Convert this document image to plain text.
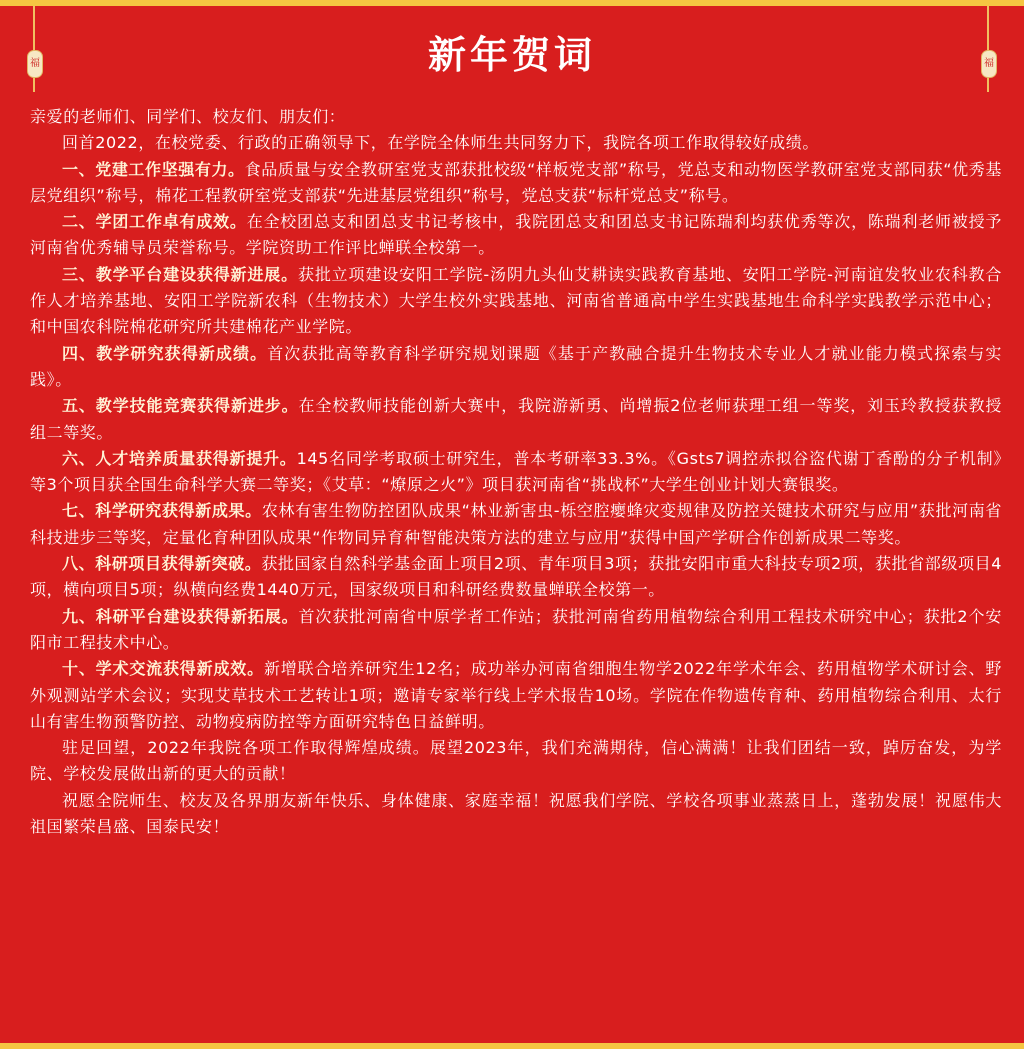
福	福
新年贺词

亲爱的老师们、同学们、校友们、朋友们：

回首2022，在校党委、行政的正确领导下，在学院全体师生共同努力下，我院各项工作取得较好成绩。

一、党建工作坚强有力。食品质量与安全教研室党支部获批校级“样板党支部”称号，党总支和动物医学教研室党支部同获“优秀基层党组织”称号，棉花工程教研室党支部获“先进基层党组织”称号，党总支获“标杆党总支”称号。

二、学团工作卓有成效。在全校团总支和团总支书记考核中，我院团总支和团总支书记陈瑞利均获优秀等次，陈瑞利老师被授予河南省优秀辅导员荣誉称号。学院资助工作评比蝉联全校第一。

三、教学平台建设获得新进展。获批立项建设安阳工学院-汤阴九头仙艾耕读实践教育基地、安阳工学院-河南谊发牧业农科教合作人才培养基地、安阳工学院新农科（生物技术）大学生校外实践基地、河南省普通高中学生实践基地生命科学实践教学示范中心；和中国农科院棉花研究所共建棉花产业学院。

四、教学研究获得新成绩。首次获批高等教育科学研究规划课题《基于产教融合提升生物技术专业人才就业能力模式探索与实践》。

五、教学技能竞赛获得新进步。在全校教师技能创新大赛中，我院游新勇、尚增振2位老师获理工组一等奖，刘玉玲教授获教授组二等奖。

六、人才培养质量获得新提升。145名同学考取硕士研究生，普本考研率33.3%。《Gsts7调控赤拟谷盗代谢丁香酚的分子机制》等3个项目获全国生命科学大赛二等奖；《艾草：“燎原之火”》项目获河南省“挑战杯”大学生创业计划大赛银奖。

七、科学研究获得新成果。农林有害生物防控团队成果“林业新害虫-栎空腔瘿蜂灾变规律及防控关键技术研究与应用”获批河南省科技进步三等奖，定量化育种团队成果“作物同异育种智能决策方法的建立与应用”获得中国产学研合作创新成果二等奖。

八、科研项目获得新突破。获批国家自然科学基金面上项目2项、青年项目3项；获批安阳市重大科技专项2项，获批省部级项目4项，横向项目5项；纵横向经费1440万元，国家级项目和科研经费数量蝉联全校第一。

九、科研平台建设获得新拓展。首次获批河南省中原学者工作站；获批河南省药用植物综合利用工程技术研究中心；获批2个安阳市工程技术中心。

十、学术交流获得新成效。新增联合培养研究生12名；成功举办河南省细胞生物学2022年学术年会、药用植物学术研讨会、野外观测站学术会议；实现艾草技术工艺转让1项；邀请专家举行线上学术报告10场。学院在作物遗传育种、药用植物综合利用、太行山有害生物预警防控、动物疫病防控等方面研究特色日益鲜明。

驻足回望，2022年我院各项工作取得辉煌成绩。展望2023年，我们充满期待，信心满满！让我们团结一致，踔厉奋发，为学院、学校发展做出新的更大的贡献！

祝愿全院师生、校友及各界朋友新年快乐、身体健康、家庭幸福！祝愿我们学院、学校各项事业蒸蒸日上，蓬勃发展！祝愿伟大祖国繁荣昌盛、国泰民安！
